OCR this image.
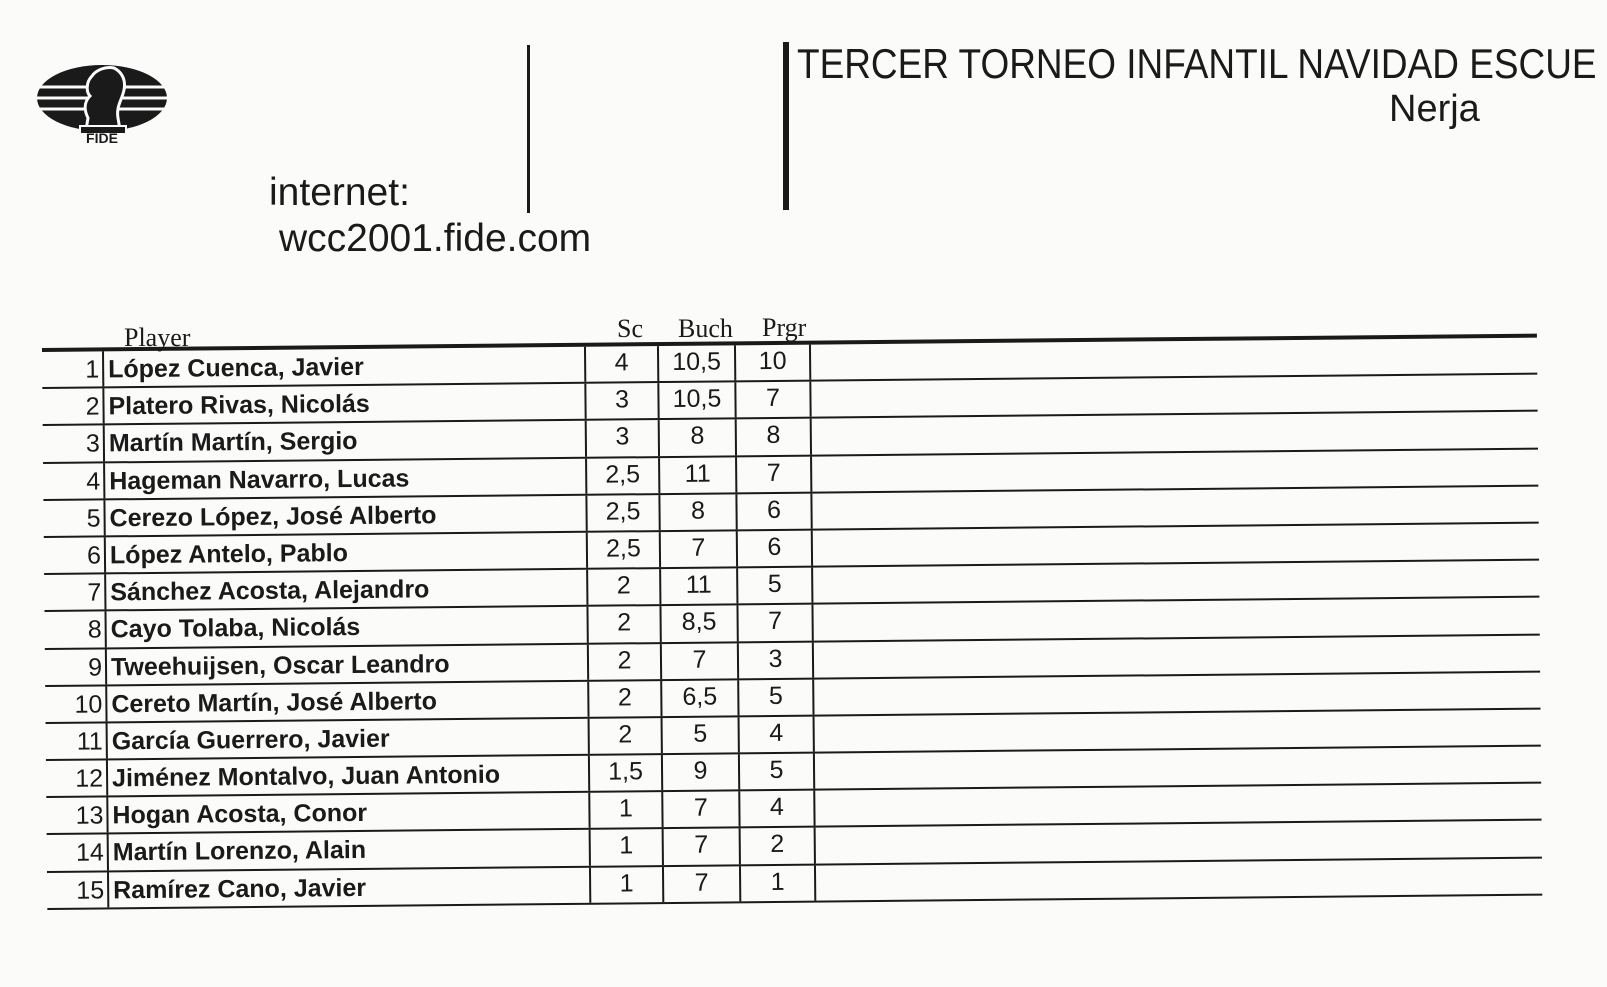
FIDE
TERCER TORNEO INFANTIL NAVIDAD ESCUE
Nerja
internet:
wcc2001.fide.com
Player	Sc Buch Prgr
1 López Cuenca, Javier	4	10,5	10
2 Platero Rivas, Nicolás	3	10,5	7
3 Martín Martín, Sergio	3	8	8
4 Hageman Navarro, Lucas	2,5	11	7
5 Cerezo López, José Alberto	2,5	8	6
6 López Antelo, Pablo	2,5	7	6
7 Sánchez Acosta, Alejandro	2	11	5
8 Cayo Tolaba, Nicolás	2	8,5	7
9 Tweehuijsen, Oscar Leandro	2	7	3
10 Cereto Martín, José Alberto	2	6,5	5
11 García Guerrero, Javier	2	5	4
12 Jiménez Montalvo, Juan Antonio	1,5	9	5
13 Hogan Acosta, Conor	1	7	4
14 Martín Lorenzo, Alain	1	7	2
15 Ramírez Cano, Javier	1	7	1
